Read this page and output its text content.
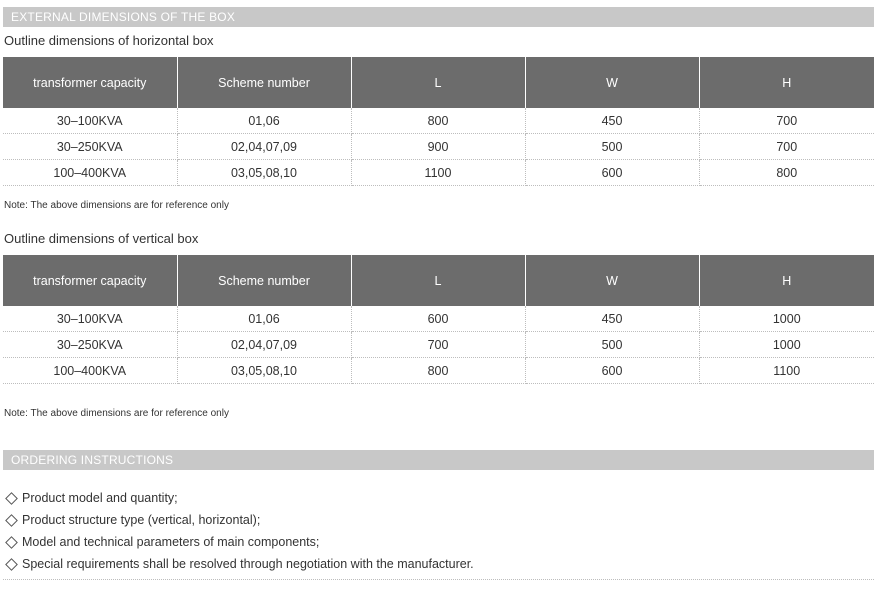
EXTERNAL DIMENSIONS OF THE BOX
Outline dimensions of horizontal box
transformer capacity	Scheme number	L	W	H
30–100KVA	01,06	800	450	700
30–250KVA	02,04,07,09	900	500	700
100–400KVA	03,05,08,10	1100	600	800
Note: The above dimensions are for reference only
Outline dimensions of vertical box
transformer capacity	Scheme number	L	W	H
30–100KVA	01,06	600	450	1000
30–250KVA	02,04,07,09	700	500	1000
100–400KVA	03,05,08,10	800	600	1100
Note: The above dimensions are for reference only
ORDERING INSTRUCTIONS
Product model and quantity;
Product structure type (vertical, horizontal);
Model and technical parameters of main components;
Special requirements shall be resolved through negotiation with the manufacturer.
